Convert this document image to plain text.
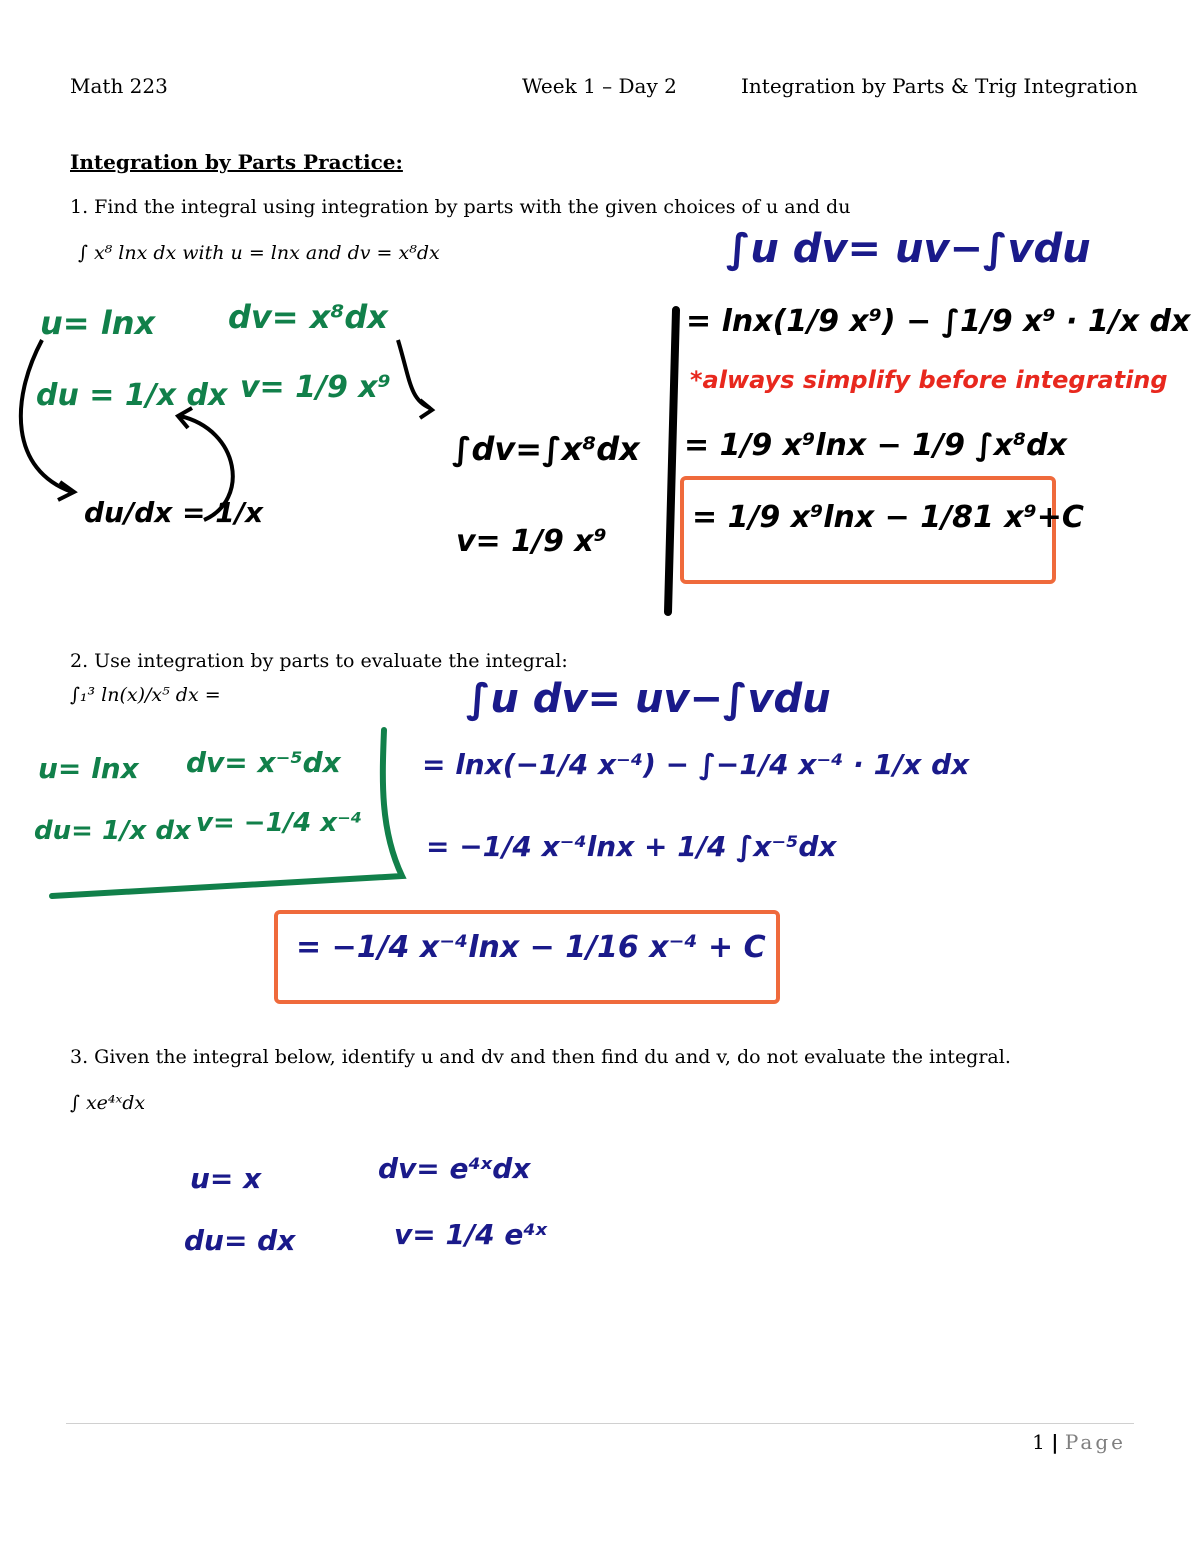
Math 223	Week 1 – Day 2	Integration by Parts & Trig Integration
Integration by Parts Practice:
1. Find the integral using integration by parts with the given choices of u and du
∫ x⁸ lnx dx with u = lnx and dv = x⁸dx	∫u dv= uv−∫vdu
u= lnx dv= x⁸dx
du = 1/x dx v= 1/9 x⁹
du/dx = 1/x
∫dv=∫x⁸dx
v= 1/9 x⁹
= lnx(1/9 x⁹) − ∫1/9 x⁹ · 1/x dx
*always simplify before integrating
= 1/9 x⁹lnx − 1/9 ∫x⁸dx
= 1/9 x⁹lnx − 1/81 x⁹+C
2. Use integration by parts to evaluate the integral:
∫₁³ ln(x)/x⁵ dx =	∫u dv= uv−∫vdu
u= lnx dv= x⁻⁵dx
du= 1/x dx v= −1/4 x⁻⁴
= lnx(−1/4 x⁻⁴) − ∫−1/4 x⁻⁴ · 1/x dx
= −1/4 x⁻⁴lnx + 1/4 ∫x⁻⁵dx
= −1/4 x⁻⁴lnx − 1/16 x⁻⁴ + C
3. Given the integral below, identify u and dv and then find du and v, do not evaluate the integral.
∫ xe⁴ˣdx
u= x	dv= e⁴ˣdx
du= dx	v= 1/4 e⁴ˣ
1 | Page
